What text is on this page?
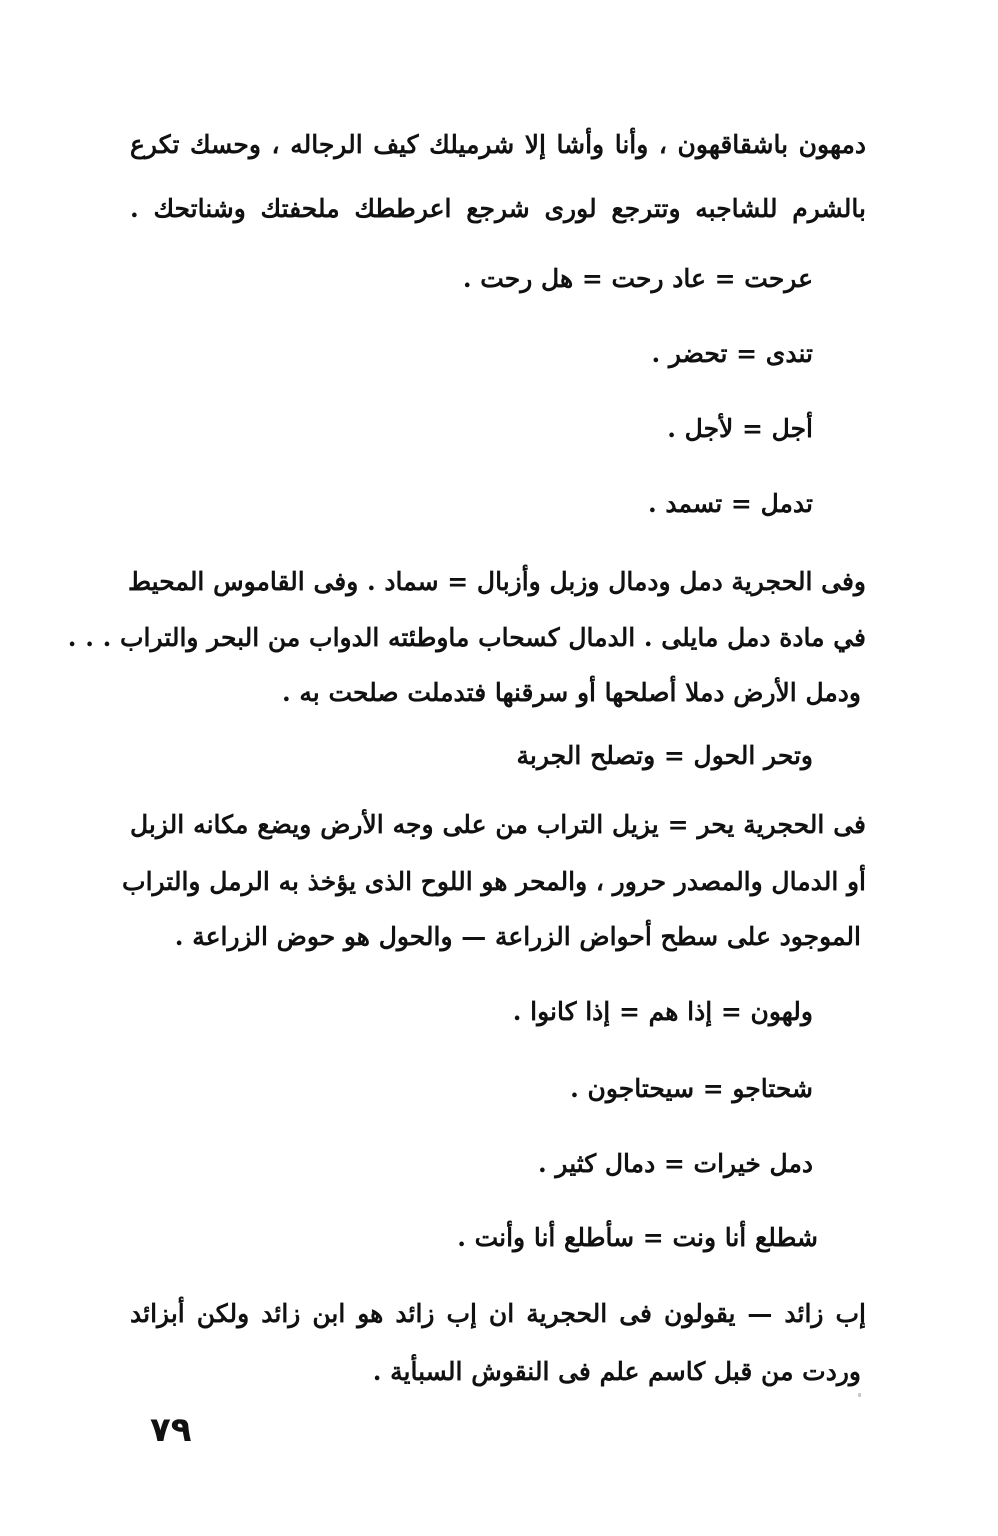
دمهون باشقاقهون ، وأنا وأشا إلا شرميلك كيف الرجاله ، وحسك تكرع
بالشرم للشاجبه وتترجع لورى شرجع اعرططك ملحفتك وشناتحك .
عرحت = عاد رحت = هل رحت .
تندى = تحضر .
أجل = لأجل .
تدمل = تسمد .
وفى الحجرية دمل ودمال وزبل وأزبال = سماد . وفى القاموس المحيط
في مادة دمل مايلى . الدمال كسحاب ماوطئته الدواب من البحر والتراب . . .
ودمل الأرض دملا أصلحها أو سرقنها فتدملت صلحت به .
وتحر الحول = وتصلح الجربة
فى الحجرية يحر = يزيل التراب من على وجه الأرض ويضع مكانه الزبل
أو الدمال والمصدر حرور ، والمحر هو اللوح الذى يؤخذ به الرمل والتراب
الموجود على سطح أحواض الزراعة — والحول هو حوض الزراعة .
ولهون = إذا هم = إذا كانوا .
شحتاجو = سيحتاجون .
دمل خيرات = دمال كثير .
شطلع أنا ونت = سأطلع أنا وأنت .
إب زائد — يقولون فى الحجرية ان إب زائد هو ابن زائد ولكن أبزائد
وردت من قبل كاسم علم فى النقوش السبأية .
٧٩
